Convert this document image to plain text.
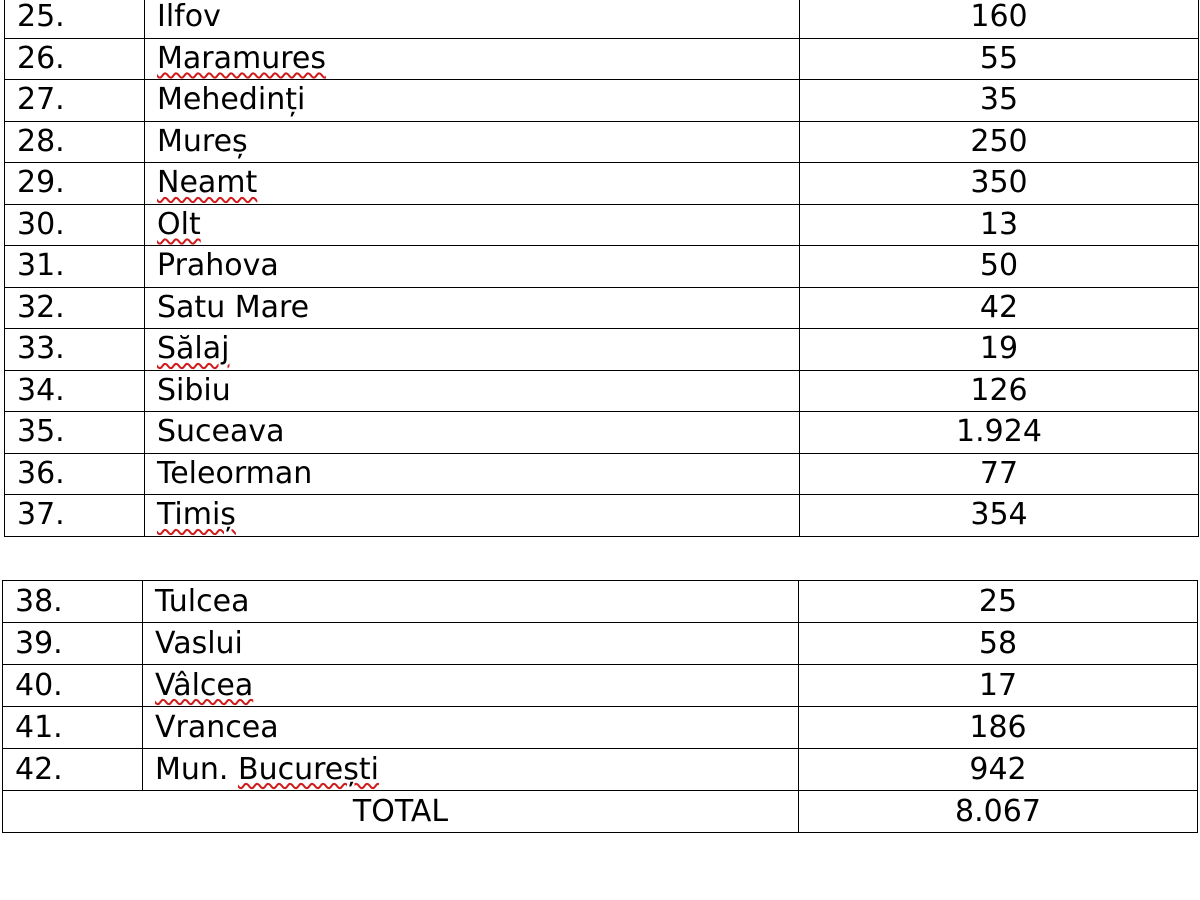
25.	Ilfov	160
26.	Maramures	55
27.	Mehedinți	35
28.	Mureș	250
29.	Neamt	350
30.	Olt	13
31.	Prahova	50
32.	Satu Mare	42
33.	Sălaj	19
34.	Sibiu	126
35.	Suceava	1.924
36.	Teleorman	77
37.	Timiș	354
38.	Tulcea	25
39.	Vaslui	58
40.	Vâlcea	17
41.	Vrancea	186
42.	Mun. București	942
TOTAL		8.067
